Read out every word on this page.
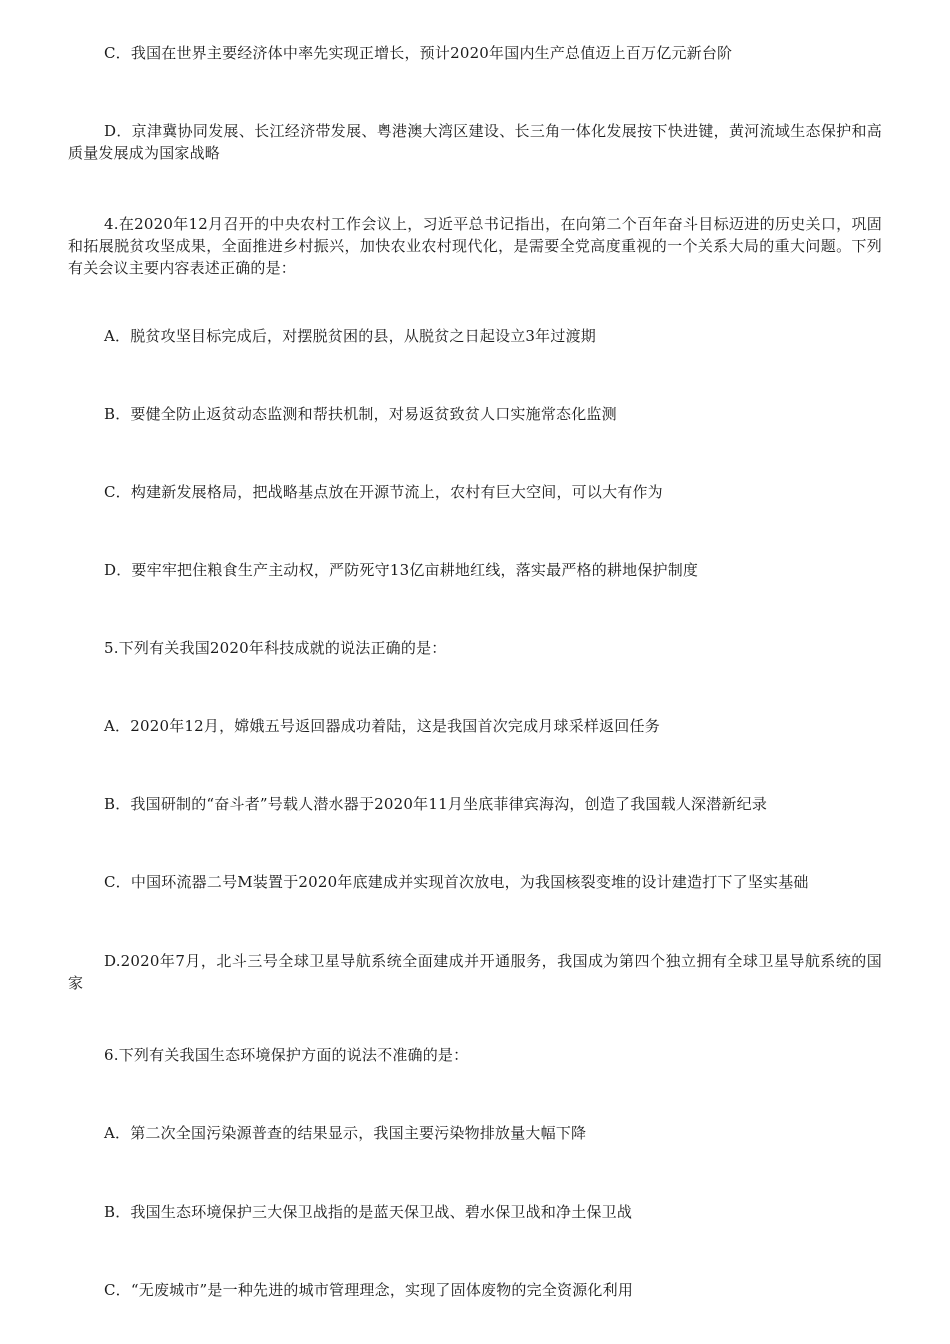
C．我国在世界主要经济体中率先实现正增长，预计2020年国内生产总值迈上百万亿元新台阶

D．京津冀协同发展、长江经济带发展、粤港澳大湾区建设、长三角一体化发展按下快进键，黄河流域生态保护和高质量发展成为国家战略

4.在2020年12月召开的中央农村工作会议上，习近平总书记指出，在向第二个百年奋斗目标迈进的历史关口，巩固和拓展脱贫攻坚成果，全面推进乡村振兴，加快农业农村现代化，是需要全党高度重视的一个关系大局的重大问题。下列有关会议主要内容表述正确的是：

A．脱贫攻坚目标完成后，对摆脱贫困的县，从脱贫之日起设立3年过渡期

B．要健全防止返贫动态监测和帮扶机制，对易返贫致贫人口实施常态化监测

C．构建新发展格局，把战略基点放在开源节流上，农村有巨大空间，可以大有作为

D．要牢牢把住粮食生产主动权，严防死守13亿亩耕地红线，落实最严格的耕地保护制度

5.下列有关我国2020年科技成就的说法正确的是：

A．2020年12月，嫦娥五号返回器成功着陆，这是我国首次完成月球采样返回任务

B．我国研制的“奋斗者”号载人潜水器于2020年11月坐底菲律宾海沟，创造了我国载人深潜新纪录

C．中国环流器二号M装置于2020年底建成并实现首次放电，为我国核裂变堆的设计建造打下了坚实基础

D.2020年7月，北斗三号全球卫星导航系统全面建成并开通服务，我国成为第四个独立拥有全球卫星导航系统的国家

6.下列有关我国生态环境保护方面的说法不准确的是：

A．第二次全国污染源普查的结果显示，我国主要污染物排放量大幅下降

B．我国生态环境保护三大保卫战指的是蓝天保卫战、碧水保卫战和净土保卫战

C．“无废城市”是一种先进的城市管理理念，实现了固体废物的完全资源化利用
